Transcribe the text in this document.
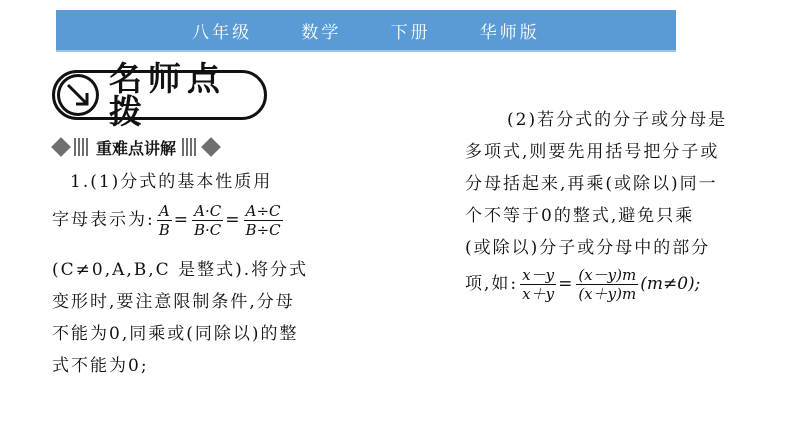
八年级   数学   下册   华师版
名师点拨
重难点讲解

1.(1)分式的基本性质用

字母表示为: $\frac{A}{B} = \frac{A\cdot C}{B\cdot C} = \frac{A\div C}{B\div C}$

(C≠0,A,B,C 是整式).将分式

变形时,要注意限制条件,分母

不能为0,同乘或(同除以)的整

式不能为0;

(2)若分式的分子或分母是

多项式,则要先用括号把分子或

分母括起来,再乘(或除以)同一

个不等于0的整式,避免只乘

(或除以)分子或分母中的部分

项,如: $\frac{x-y}{x+y} = \frac{(x-y)m}{(x+y)m} (m\ne 0)$;
